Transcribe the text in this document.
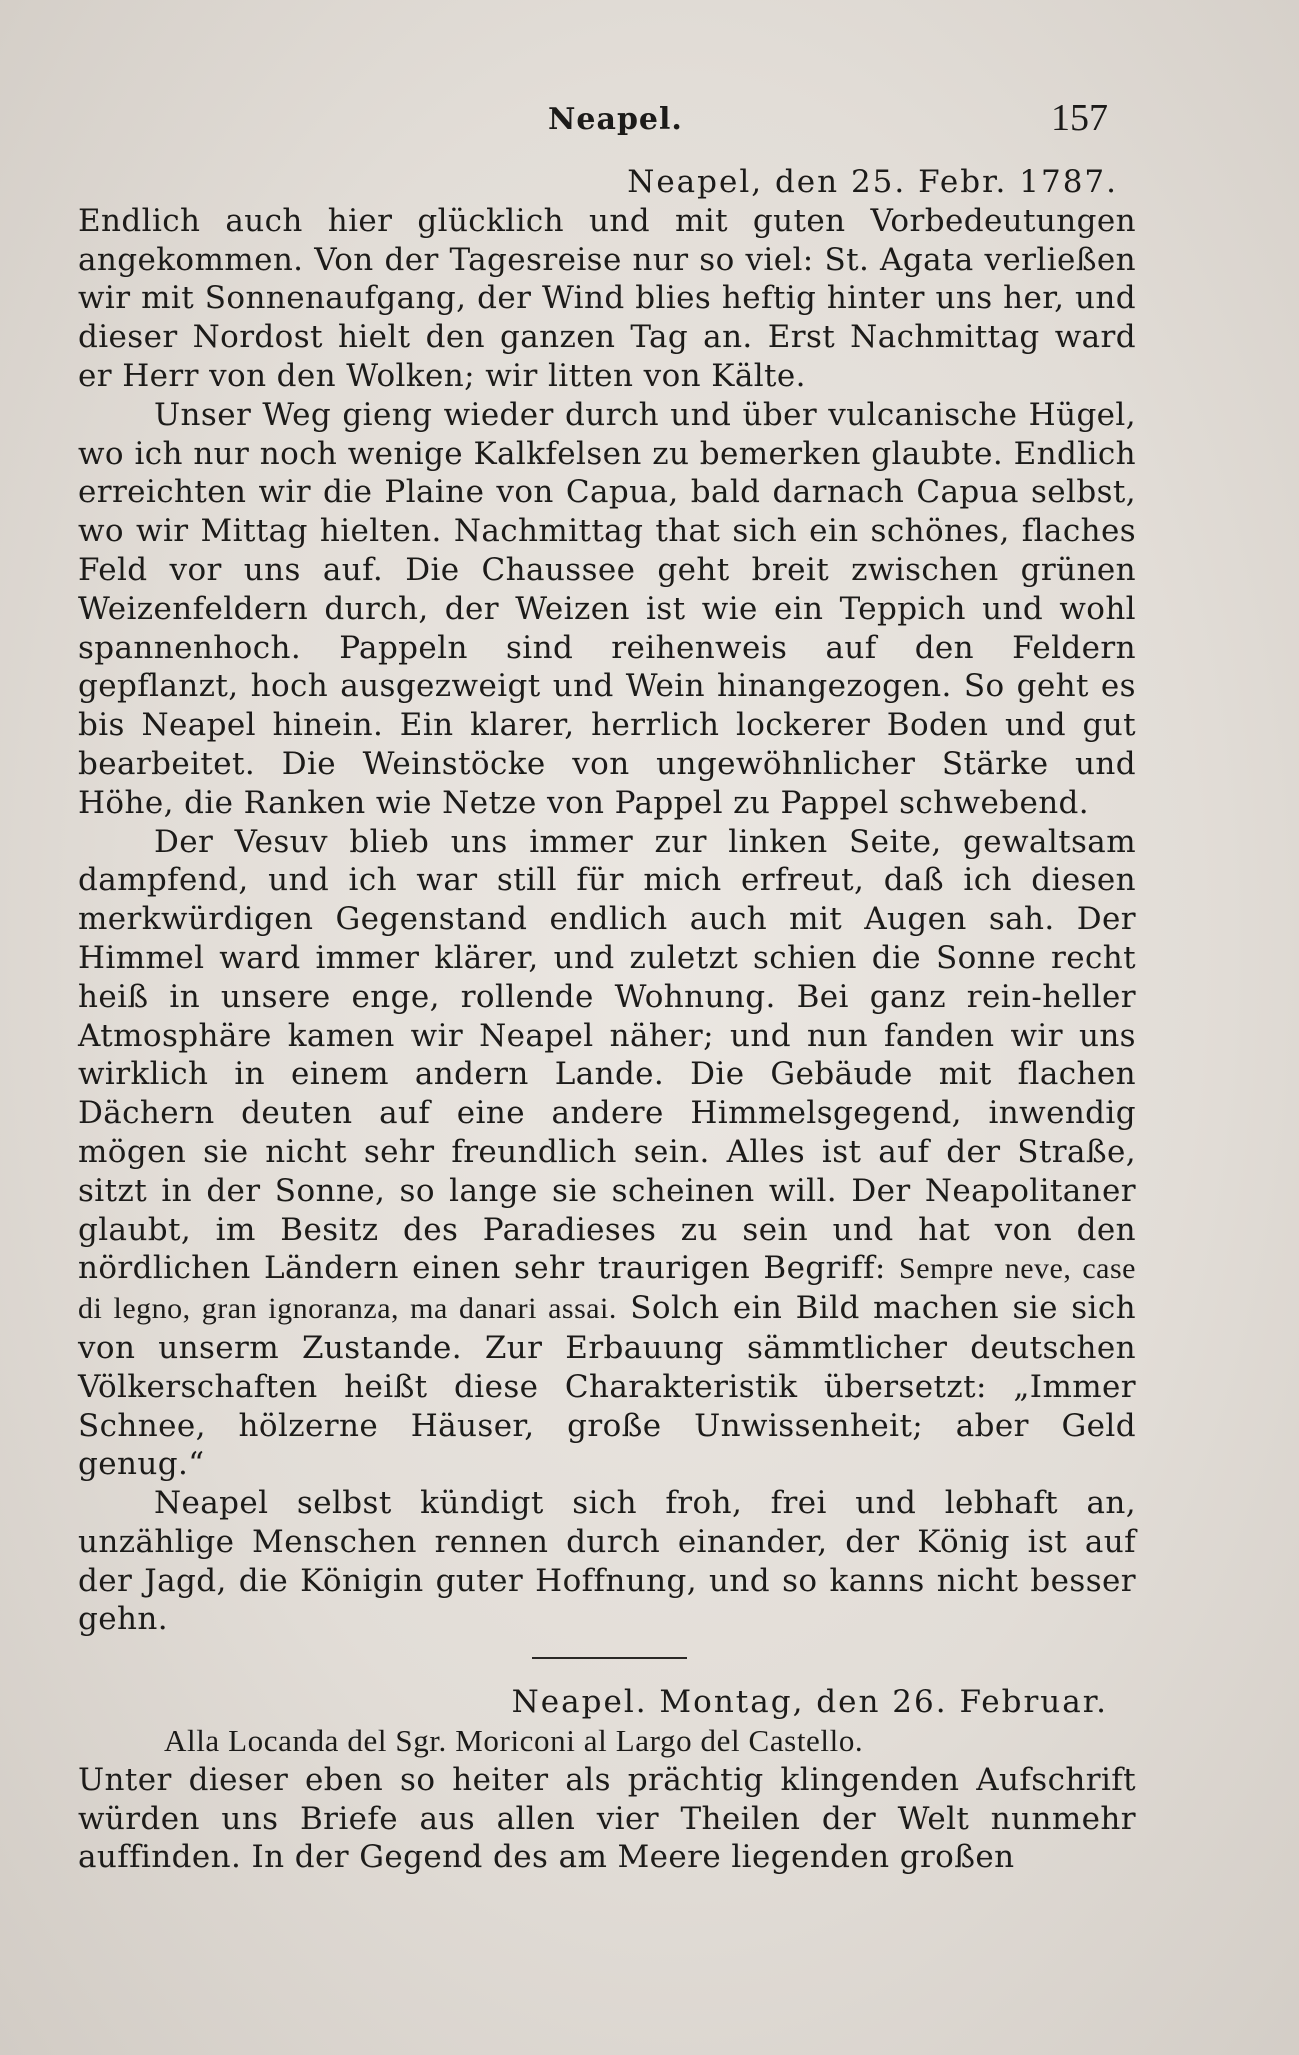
Neapel.	157

Neapel, den 25. Febr. 1787.

Endlich auch hier glücklich und mit guten Vorbedeutungen angekommen. Von der Tagesreise nur so viel: St. Agata verließen wir mit Sonnenaufgang, der Wind blies heftig hinter uns her, und dieser Nordost hielt den ganzen Tag an. Erst Nachmittag ward er Herr von den Wolken; wir litten von Kälte.

Unser Weg gieng wieder durch und über vulcanische Hügel, wo ich nur noch wenige Kalkfelsen zu bemerken glaubte. Endlich erreichten wir die Plaine von Capua, bald darnach Capua selbst, wo wir Mittag hielten. Nachmittag that sich ein schönes, flaches Feld vor uns auf. Die Chaussee geht breit zwischen grünen Weizenfeldern durch, der Weizen ist wie ein Teppich und wohl spannenhoch. Pappeln sind reihenweis auf den Feldern gepflanzt, hoch ausgezweigt und Wein hinangezogen. So geht es bis Neapel hinein. Ein klarer, herrlich lockerer Boden und gut bearbeitet. Die Weinstöcke von ungewöhnlicher Stärke und Höhe, die Ranken wie Netze von Pappel zu Pappel schwebend.

Der Vesuv blieb uns immer zur linken Seite, gewaltsam dampfend, und ich war still für mich erfreut, daß ich diesen merkwürdigen Gegenstand endlich auch mit Augen sah. Der Himmel ward immer klärer, und zuletzt schien die Sonne recht heiß in unsere enge, rollende Wohnung. Bei ganz rein-heller Atmosphäre kamen wir Neapel näher; und nun fanden wir uns wirklich in einem andern Lande. Die Gebäude mit flachen Dächern deuten auf eine andere Himmelsgegend, inwendig mögen sie nicht sehr freundlich sein. Alles ist auf der Straße, sitzt in der Sonne, so lange sie scheinen will. Der Neapolitaner glaubt, im Besitz des Paradieses zu sein und hat von den nördlichen Ländern einen sehr traurigen Begriff: Sempre neve, case di legno, gran ignoranza, ma danari assai. Solch ein Bild machen sie sich von unserm Zustande. Zur Erbauung sämmtlicher deutschen Völkerschaften heißt diese Charakteristik übersetzt: „Immer Schnee, hölzerne Häuser, große Unwissenheit; aber Geld genug.“

Neapel selbst kündigt sich froh, frei und lebhaft an, unzählige Menschen rennen durch einander, der König ist auf der Jagd, die Königin guter Hoffnung, und so kanns nicht besser gehn.

Neapel. Montag, den 26. Februar.

Alla Locanda del Sgr. Moriconi al Largo del Castello.

Unter dieser eben so heiter als prächtig klingenden Aufschrift würden uns Briefe aus allen vier Theilen der Welt nunmehr auffinden. In der Gegend des am Meere liegenden großen
